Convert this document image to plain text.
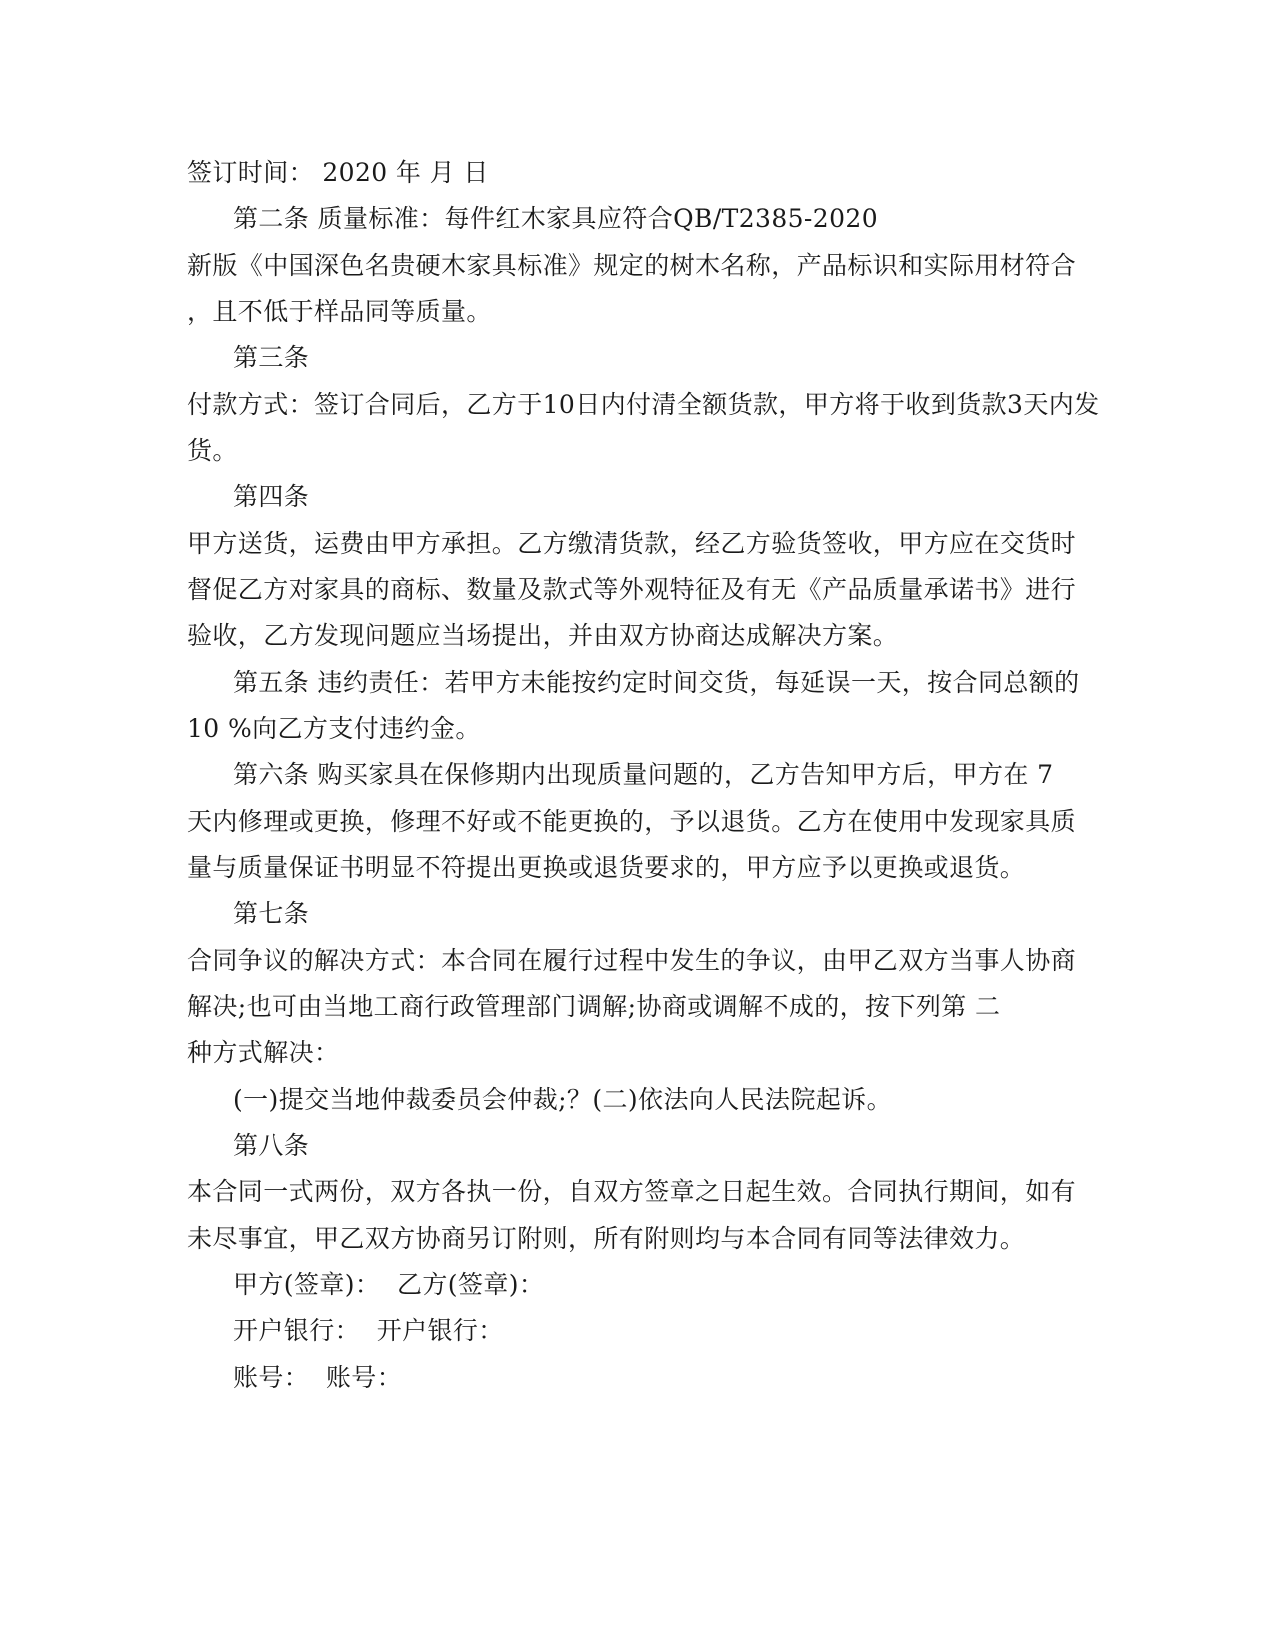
签订时间： 2020 年 月 日
第二条 质量标准：每件红木家具应符合QB/T2385-2020
新版《中国深色名贵硬木家具标准》规定的树木名称，产品标识和实际用材符合
，且不低于样品同等质量。
第三条
付款方式：签订合同后，乙方于10日内付清全额货款，甲方将于收到货款3天内发
货。
第四条
甲方送货，运费由甲方承担。乙方缴清货款，经乙方验货签收，甲方应在交货时
督促乙方对家具的商标、数量及款式等外观特征及有无《产品质量承诺书》进行
验收，乙方发现问题应当场提出，并由双方协商达成解决方案。
第五条 违约责任：若甲方未能按约定时间交货，每延误一天，按合同总额的
10 %向乙方支付违约金。
第六条 购买家具在保修期内出现质量问题的，乙方告知甲方后，甲方在 7
天内修理或更换，修理不好或不能更换的，予以退货。乙方在使用中发现家具质
量与质量保证书明显不符提出更换或退货要求的，甲方应予以更换或退货。
第七条
合同争议的解决方式：本合同在履行过程中发生的争议，由甲乙双方当事人协商
解决;也可由当地工商行政管理部门调解;协商或调解不成的，按下列第 二
种方式解决：
(一)提交当地仲裁委员会仲裁;？(二)依法向人民法院起诉。
第八条
本合同一式两份，双方各执一份，自双方签章之日起生效。合同执行期间，如有
未尽事宜，甲乙双方协商另订附则，所有附则均与本合同有同等法律效力。
甲方(签章)：  乙方(签章)：
开户银行：  开户银行：
账号：  账号：
